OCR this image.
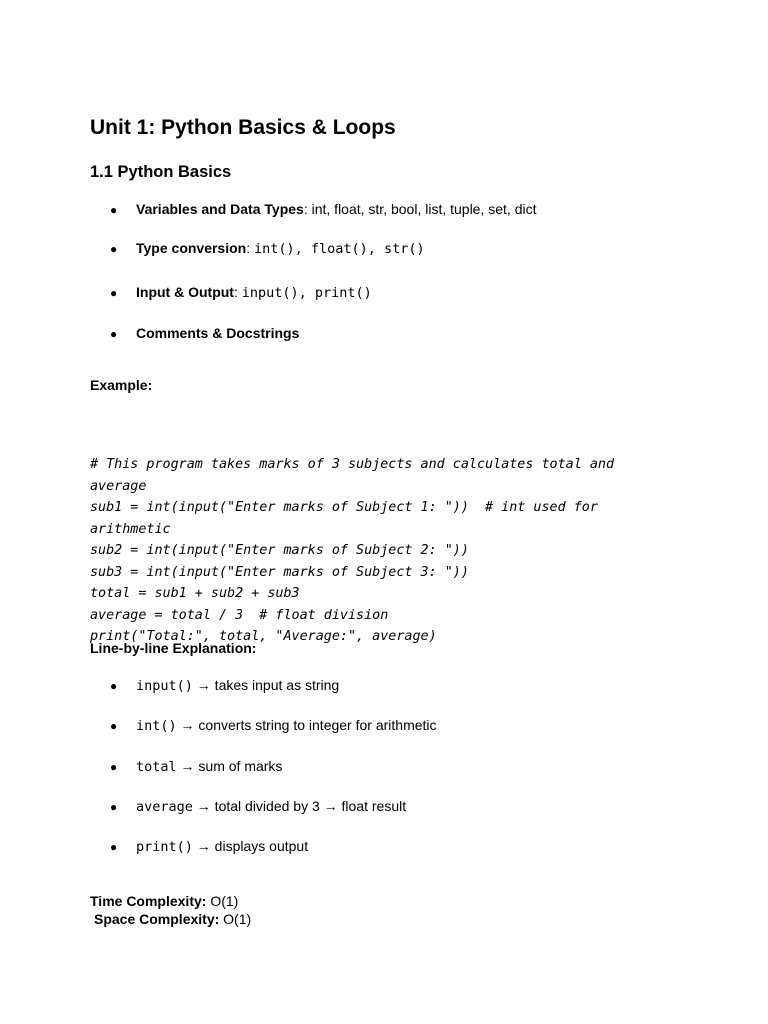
Unit 1: Python Basics & Loops
1.1 Python Basics
● Variables and Data Types: int, float, str, bool, list, tuple, set, dict
● Type conversion: int(), float(), str()
● Input & Output: input(), print()
● Comments & Docstrings
Example:

# This program takes marks of 3 subjects and calculates total and
average
sub1 = int(input("Enter marks of Subject 1: "))  # int used for
arithmetic
sub2 = int(input("Enter marks of Subject 2: "))
sub3 = int(input("Enter marks of Subject 3: "))
total = sub1 + sub2 + sub3
average = total / 3  # float division
print("Total:", total, "Average:", average)

Line-by-line Explanation:
● input() → takes input as string
● int() → converts string to integer for arithmetic
● total → sum of marks
● average → total divided by 3 → float result
● print() → displays output
Time Complexity: O(1)
Space Complexity: O(1)
